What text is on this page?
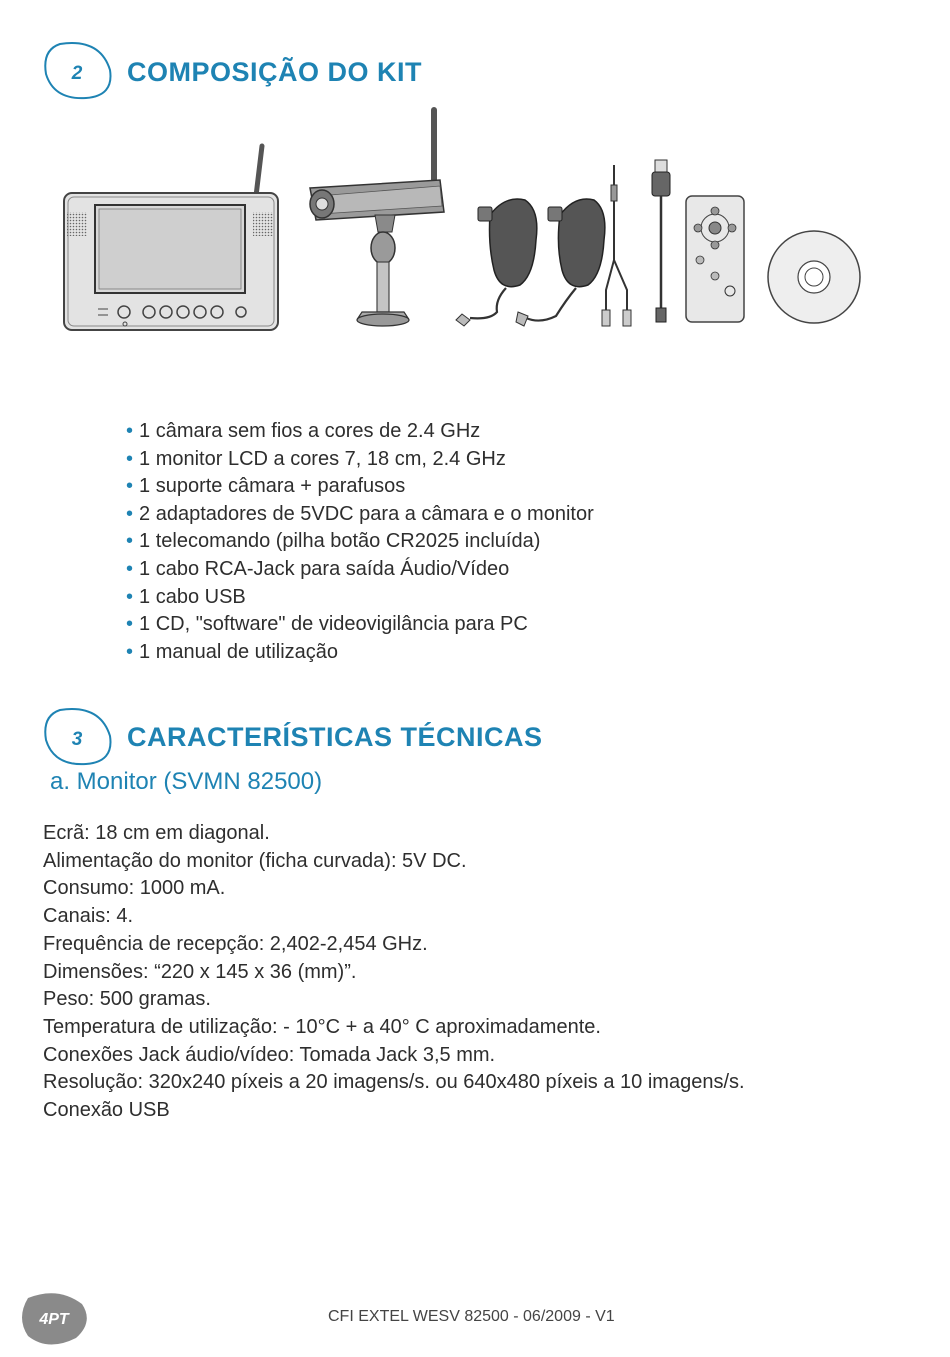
2 COMPOSIÇÃO DO KIT
• 1 câmara sem fios a cores de 2.4 GHz
• 1 monitor LCD a cores 7, 18 cm, 2.4 GHz
• 1 suporte câmara + parafusos
• 2 adaptadores de 5VDC para a câmara e o monitor
• 1 telecomando (pilha botão CR2025 incluída)
• 1 cabo RCA-Jack para saída Áudio/Vídeo
• 1 cabo USB
• 1 CD, "software" de videovigilância para PC
• 1 manual de utilização
3 CARACTERÍSTICAS TÉCNICAS
a. Monitor (SVMN 82500)
Ecrã: 18 cm em diagonal.
Alimentação do monitor (ficha curvada): 5V DC.
Consumo: 1000 mA.
Canais: 4.
Frequência de recepção: 2,402-2,454 GHz.
Dimensões: “220 x 145 x 36 (mm)”.
Peso: 500 gramas.
Temperatura de utilização: - 10°C + a 40° C aproximadamente.
Conexões Jack áudio/vídeo: Tomada Jack 3,5 mm.
Resolução: 320x240 píxeis a 20 imagens/s. ou 640x480 píxeis a 10 imagens/s.
Conexão USB
4PT	CFI EXTEL WESV 82500 - 06/2009 - V1
